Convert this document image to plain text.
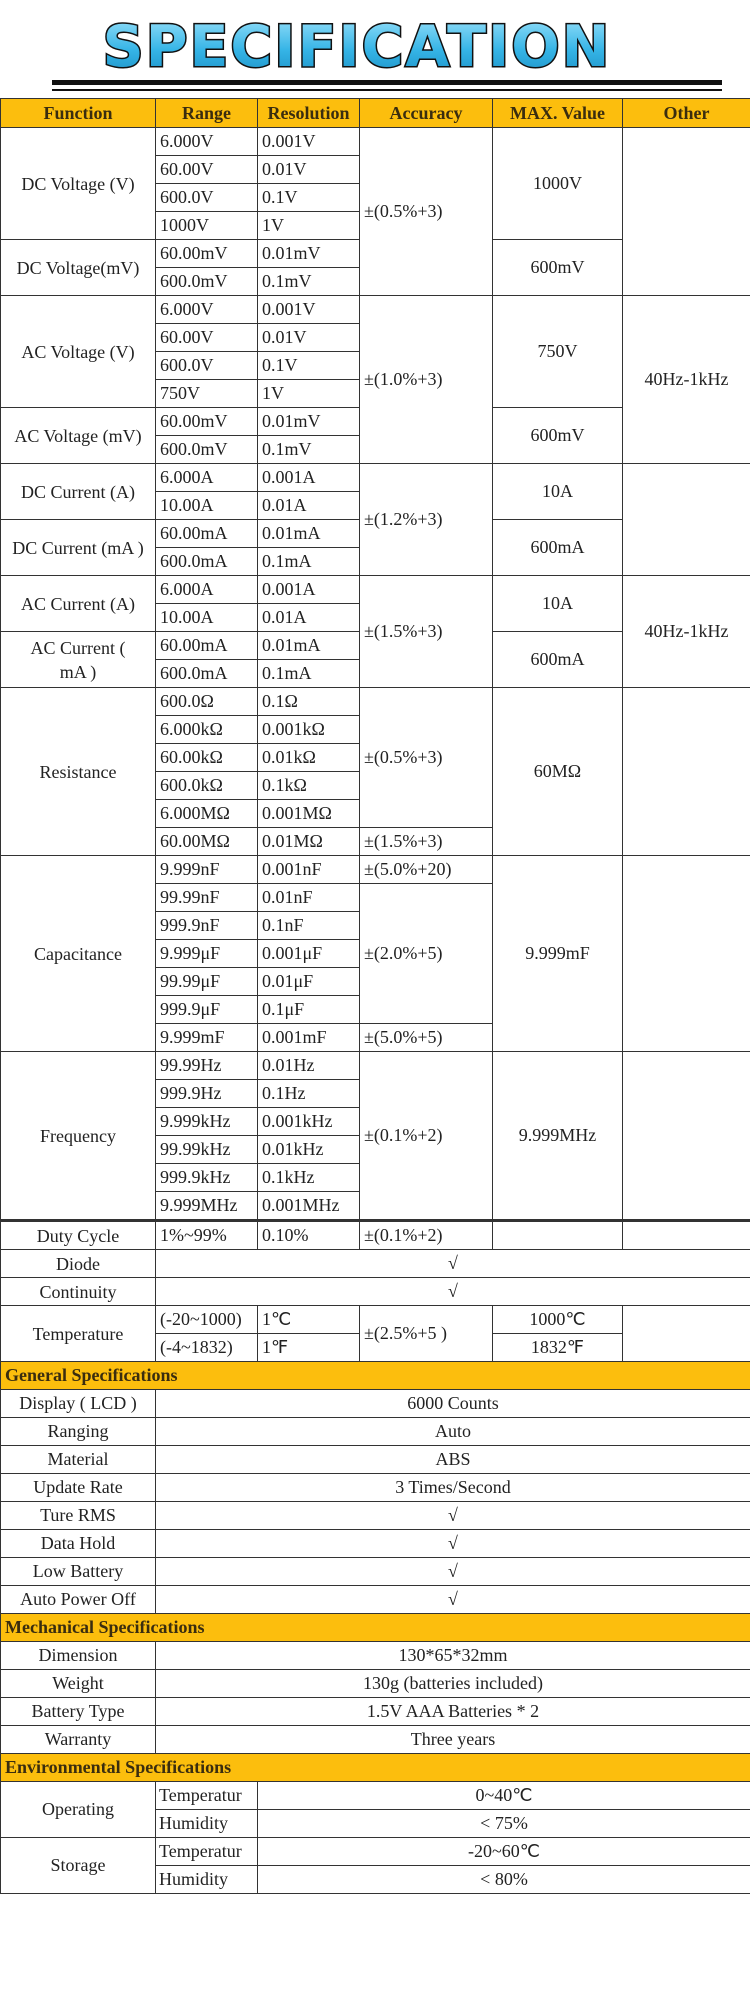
SPECIFICATION
Function	Range	Resolution	Accuracy	MAX. Value	Other
DC Voltage (V)	6.000V	0.001V	±(0.5%+3)	1000V	
	60.00V	0.01V			
	600.0V	0.1V			
	1000V	1V			
DC Voltage(mV)	60.00mV	0.01mV		600mV	
	600.0mV	0.1mV			
AC Voltage (V)	6.000V	0.001V	±(1.0%+3)	750V	40Hz-1kHz
	60.00V	0.01V			
	600.0V	0.1V			
	750V	1V			
AC Voltage (mV)	60.00mV	0.01mV		600mV	
	600.0mV	0.1mV			
DC Current (A)	6.000A	0.001A	±(1.2%+3)	10A	
	10.00A	0.01A			
DC Current (mA )	60.00mA	0.01mA		600mA	
	600.0mA	0.1mA			
AC Current (A)	6.000A	0.001A	±(1.5%+3)	10A	40Hz-1kHz
	10.00A	0.01A			
AC Current ( mA )	60.00mA	0.01mA		600mA	
	600.0mA	0.1mA			
Resistance	600.0Ω	0.1Ω	±(0.5%+3)	60MΩ	
	6.000kΩ	0.001kΩ			
	60.00kΩ	0.01kΩ			
	600.0kΩ	0.1kΩ			
	6.000MΩ	0.001MΩ			
	60.00MΩ	0.01MΩ	±(1.5%+3)		
Capacitance	9.999nF	0.001nF	±(5.0%+20)	9.999mF	
	99.99nF	0.01nF	±(2.0%+5)		
	999.9nF	0.1nF			
	9.999μF	0.001μF			
	99.99μF	0.01μF			
	999.9μF	0.1μF			
	9.999mF	0.001mF	±(5.0%+5)		
Frequency	99.99Hz	0.01Hz	±(0.1%+2)	9.999MHz	
	999.9Hz	0.1Hz			
	9.999kHz	0.001kHz			
	99.99kHz	0.01kHz			
	999.9kHz	0.1kHz			
	9.999MHz	0.001MHz			
Duty Cycle	1%~99%	0.10%	±(0.1%+2)		
Diode	√				
Continuity	√				
Temperature	(-20~1000)	1℃	±(2.5%+5 )	1000℃	
	(-4~1832)	1℉		1832℉	
General Specifications					
Display ( LCD )	6000 Counts				
Ranging	Auto				
Material	ABS				
Update Rate	3 Times/Second				
Ture RMS	√				
Data Hold	√				
Low Battery	√				
Auto Power Off	√				
Mechanical Specifications					
Dimension	130*65*32mm				
Weight	130g (batteries included)				
Battery Type	1.5V AAA Batteries * 2				
Warranty	Three years				
Environmental Specifications					
Operating	Temperatur	0~40℃			
	Humidity	< 75%			
Storage	Temperatur	-20~60℃			
	Humidity	< 80%			
